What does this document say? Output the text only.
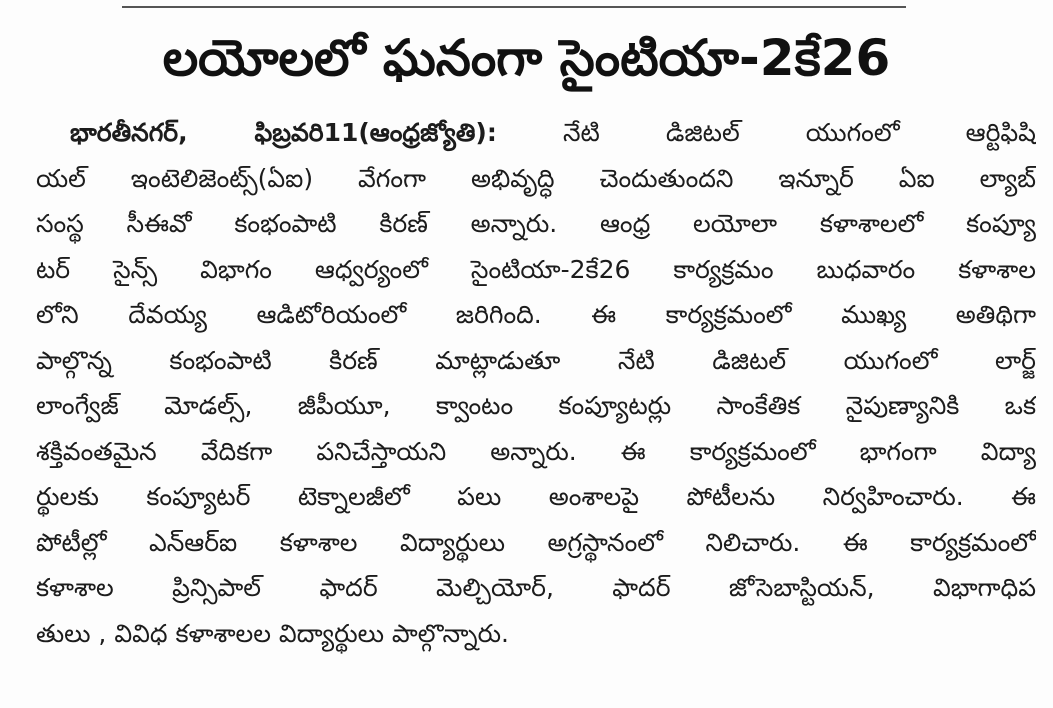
లయోలలో ఘనంగా సైంటియా-2కే26
భారతీనగర్, ఫిబ్రవరి11(ఆంధ్రజ్యోతి):	నేటి డిజిటల్ యుగంలో ఆర్టిఫిషి
యల్ ఇంటెలిజెంట్స్(ఏఐ) వేగంగా అభివృద్ధి చెందుతుందని ఇన్నూర్ ఏఐ ల్యాబ్
సంస్థ సీఈవో కంభంపాటి కిరణ్ అన్నారు. ఆంధ్ర లయోలా కళాశాలలో కంప్యూ
టర్ సైన్స్ విభాగం ఆధ్వర్యంలో సైంటియా-2కే26 కార్యక్రమం బుధవారం కళాశాల
లోని దేవయ్య ఆడిటోరియంలో జరిగింది. ఈ కార్యక్రమంలో ముఖ్య అతిథిగా
పాల్గొన్న కంభంపాటి కిరణ్ మాట్లాడుతూ నేటి డిజిటల్ యుగంలో లార్జ్
లాంగ్వేజ్ మోడల్స్, జీపీయూ, క్వాంటం కంప్యూటర్లు సాంకేతిక నైపుణ్యానికి ఒక
శక్తివంతమైన వేదికగా పనిచేస్తాయని అన్నారు. ఈ కార్యక్రమంలో భాగంగా విద్యా
ర్థులకు కంప్యూటర్ టెక్నాలజీలో పలు అంశాలపై పోటీలను నిర్వహించారు. ఈ
పోటీల్లో ఎన్ఆర్ఐ కళాశాల విద్యార్థులు అగ్రస్థానంలో నిలిచారు. ఈ కార్యక్రమంలో
కళాశాల ప్రిన్సిపాల్ ఫాదర్ మెల్చియోర్, ఫాదర్ జోసెబాస్టియన్, విభాగాధిప
తులు , వివిధ కళాశాలల విద్యార్థులు పాల్గొన్నారు.
